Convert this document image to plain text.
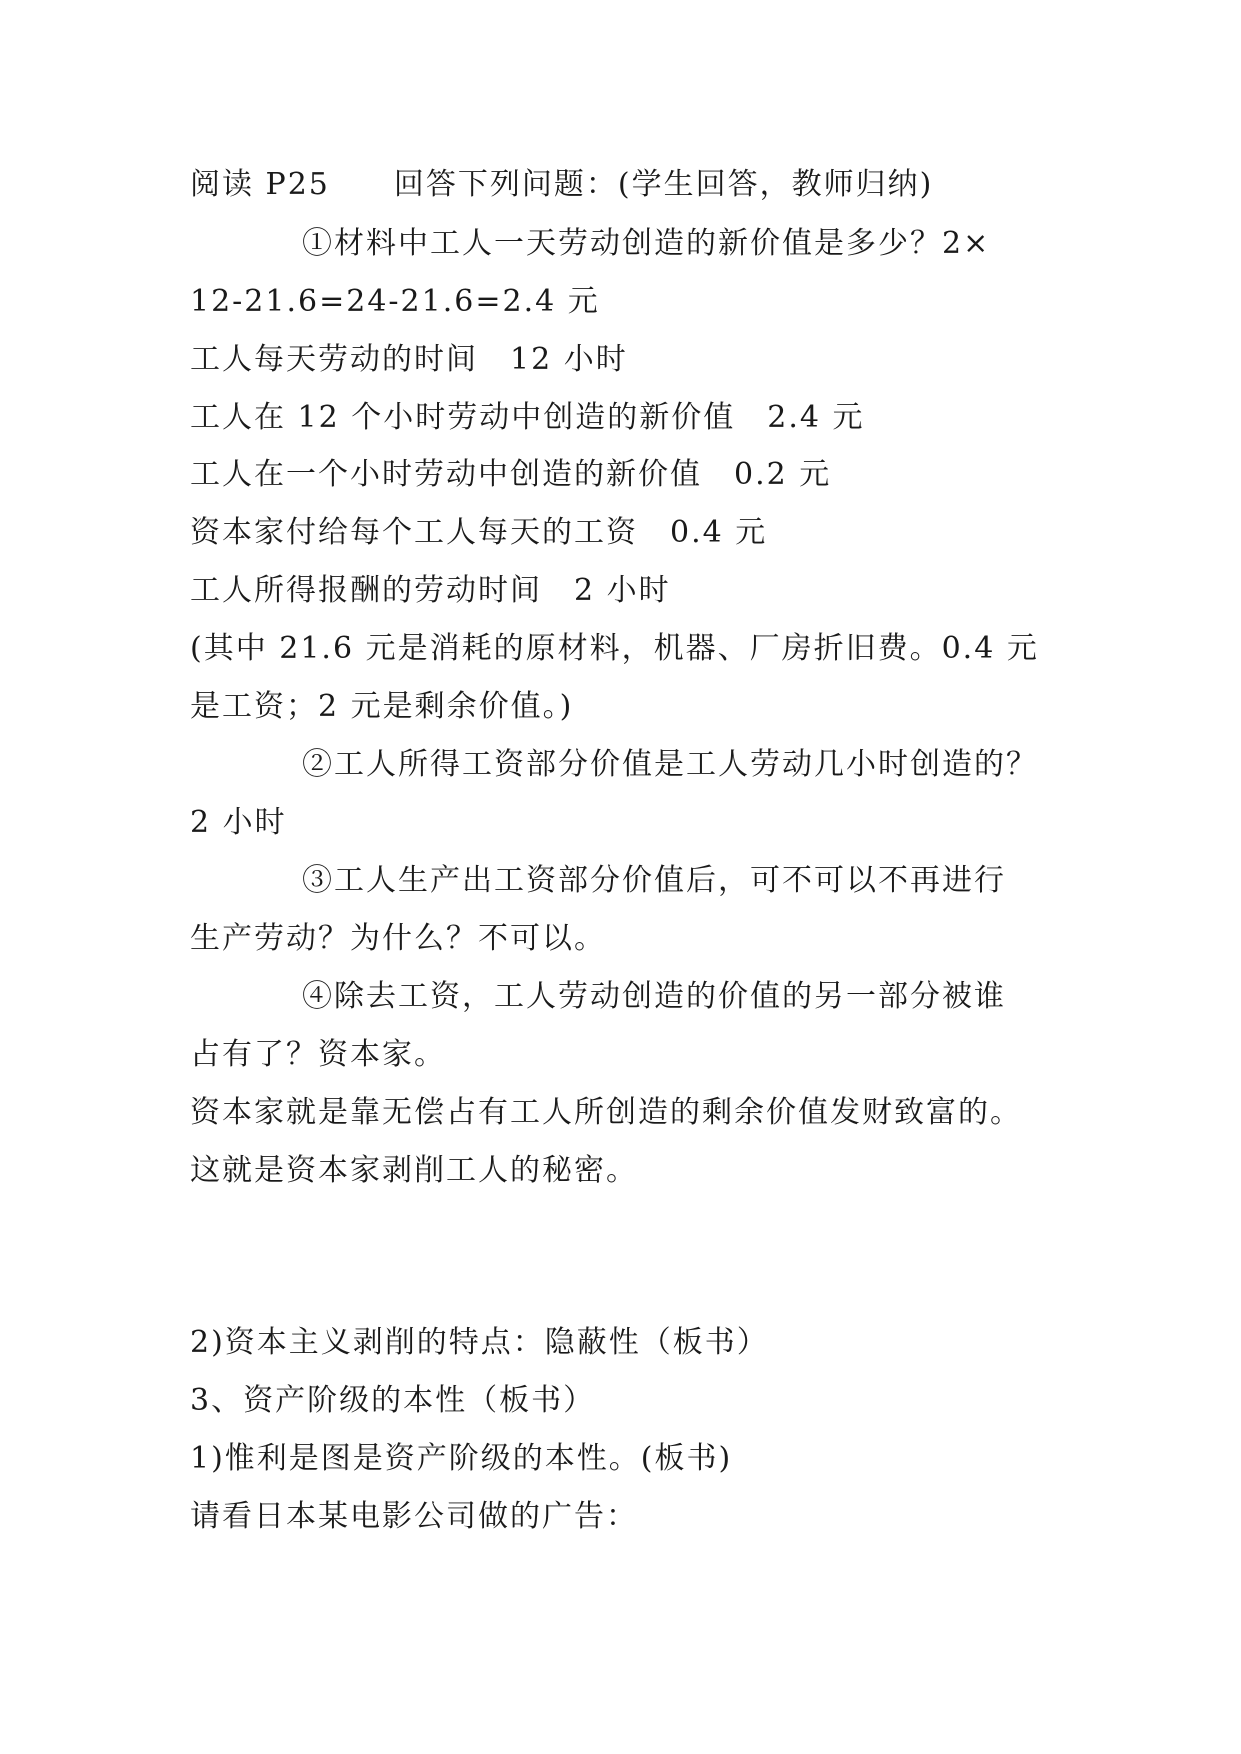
阅读 P25　　回答下列问题：(学生回答，教师归纳)
①材料中工人一天劳动创造的新价值是多少？2×
12-21.6=24-21.6=2.4 元
工人每天劳动的时间　12 小时
工人在 12 个小时劳动中创造的新价值　2.4 元
工人在一个小时劳动中创造的新价值　0.2 元
资本家付给每个工人每天的工资　0.4 元
工人所得报酬的劳动时间　2 小时
(其中 21.6 元是消耗的原材料，机器、厂房折旧费。0.4 元
是工资；2 元是剩余价值。)
②工人所得工资部分价值是工人劳动几小时创造的？
2 小时
③工人生产出工资部分价值后，可不可以不再进行
生产劳动？为什么？不可以。
④除去工资，工人劳动创造的价值的另一部分被谁
占有了？资本家。
资本家就是靠无偿占有工人所创造的剩余价值发财致富的。
这就是资本家剥削工人的秘密。
2)资本主义剥削的特点：隐蔽性（板书）
3、资产阶级的本性（板书）
1)惟利是图是资产阶级的本性。(板书)
请看日本某电影公司做的广告：
